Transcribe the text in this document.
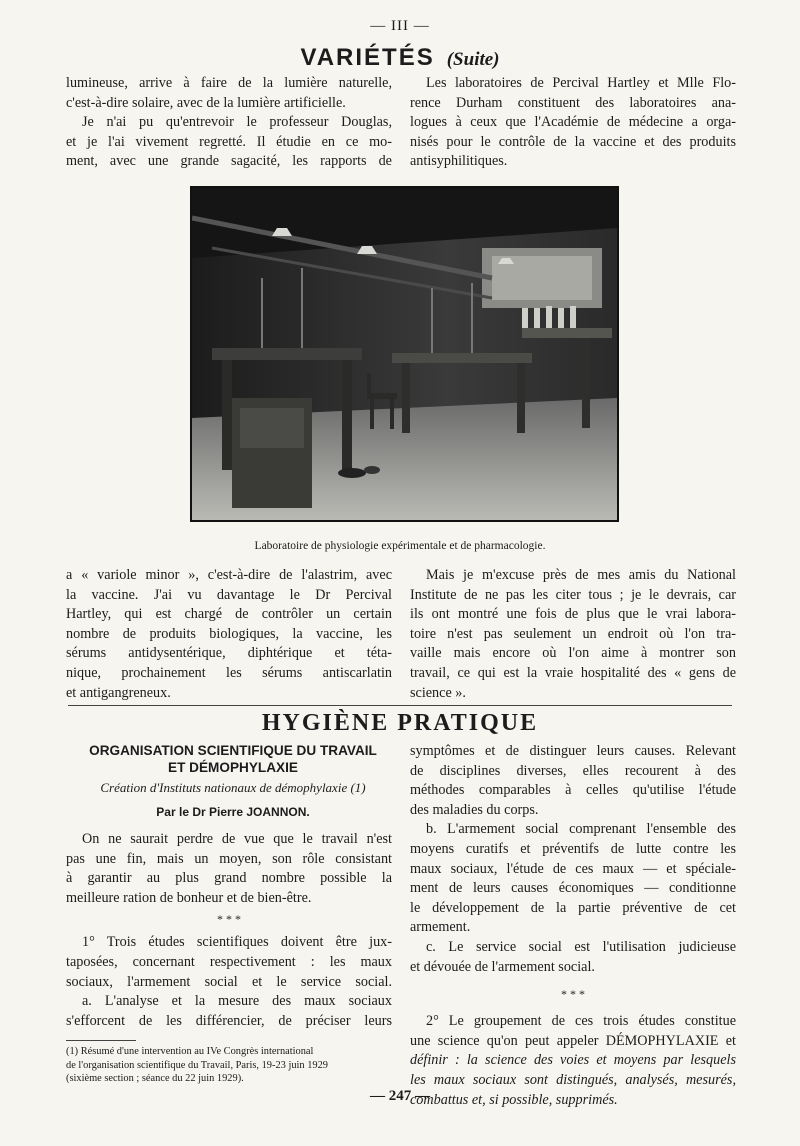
— III —
VARIÉTÉS (Suite)
lumineuse, arrive à faire de la lumière naturelle,
c'est-à-dire solaire, avec de la lumière artificielle.
Je n'ai pu qu'entrevoir le professeur Douglas,
et je l'ai vivement regretté. Il étudie en ce mo-
ment, avec une grande sagacité, les rapports de
Les laboratoires de Percival Hartley et Mlle Flo-
rence Durham constituent des laboratoires ana-
logues à ceux que l'Académie de médecine a orga-
nisés pour le contrôle de la vaccine et des produits
antisyphilitiques.
Laboratoire de physiologie expérimentale et de pharmacologie.
a « variole minor », c'est-à-dire de l'alastrim, avec
la vaccine. J'ai vu davantage le Dr Percival
Hartley, qui est chargé de contrôler un certain
nombre de produits biologiques, la vaccine, les
sérums antidysentérique, diphtérique et téta-
nique, prochainement les sérums antiscarlatin
et antigangreneux.
Mais je m'excuse près de mes amis du National
Institute de ne pas les citer tous ; je le devrais, car
ils ont montré une fois de plus que le vrai labora-
toire n'est pas seulement un endroit où l'on tra-
vaille mais encore où l'on aime à montrer son
travail, ce qui est la vraie hospitalité des « gens de
science ».
HYGIÈNE PRATIQUE
ORGANISATION SCIENTIFIQUE DU TRAVAIL
ET DÉMOPHYLAXIE
Création d'Instituts nationaux de démophylaxie (1)
Par le Dr Pierre JOANNON.
On ne saurait perdre de vue que le travail n'est
pas une fin, mais un moyen, son rôle consistant
à garantir au plus grand nombre possible la
meilleure ration de bonheur et de bien-être.
* * *
1° Trois études scientifiques doivent être jux-
taposées, concernant respectivement : les maux
sociaux, l'armement social et le service social.
a. L'analyse et la mesure des maux sociaux
s'efforcent de les différencier, de préciser leurs
(1) Résumé d'une intervention au IVe Congrès international
de l'organisation scientifique du Travail, Paris, 19-23 juin 1929
(sixième section ; séance du 22 juin 1929).
symptômes et de distinguer leurs causes. Relevant
de disciplines diverses, elles recourent à des
méthodes comparables à celles qu'utilise l'étude
des maladies du corps.
b. L'armement social comprenant l'ensemble des
moyens curatifs et préventifs de lutte contre les
maux sociaux, l'étude de ces maux — et spéciale-
ment de leurs causes économiques — conditionne
le développement de la partie préventive de cet
armement.
c. Le service social est l'utilisation judicieuse
et dévouée de l'armement social.
* * *
2° Le groupement de ces trois études constitue
une science qu'on peut appeler DÉMOPHYLAXIE et
définir : la science des voies et moyens par lesquels
les maux sociaux sont distingués, analysés, mesurés,
combattus et, si possible, supprimés.
— 247 —
